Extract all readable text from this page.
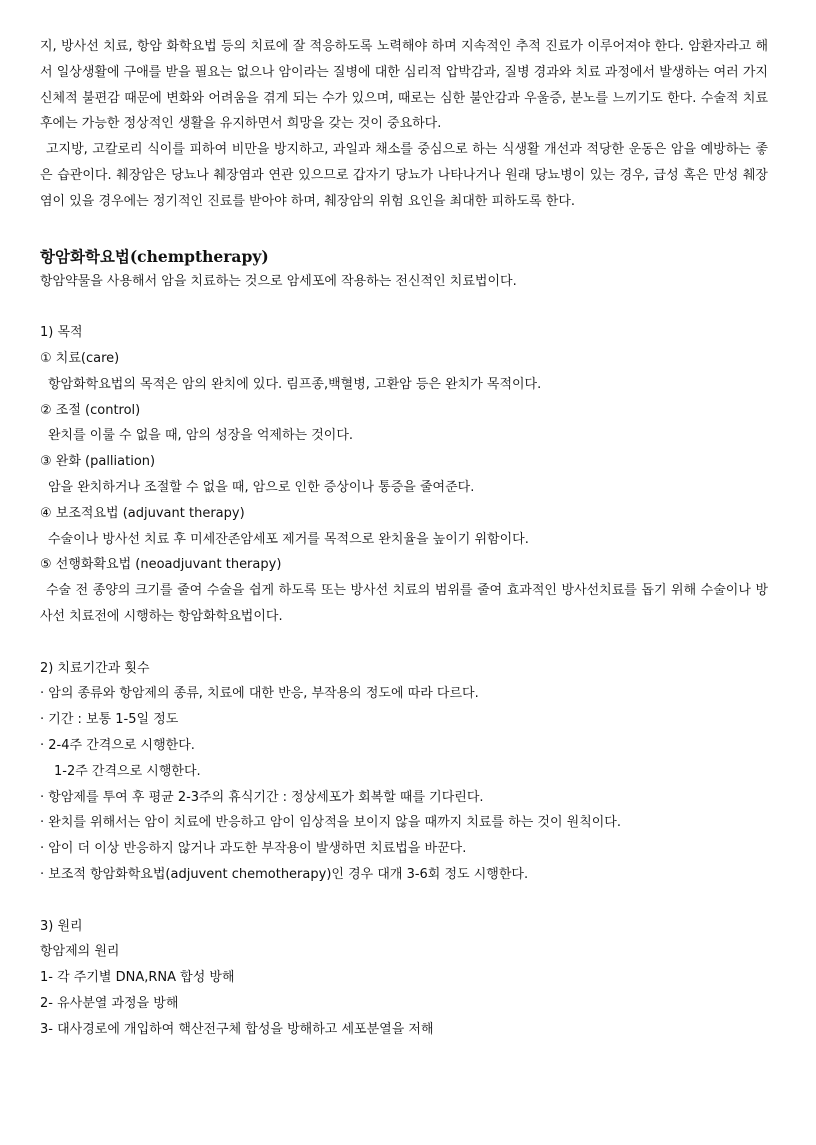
지, 방사선 치료, 항암 화학요법 등의 치료에 잘 적응하도록 노력해야 하며 지속적인 추적 진료가 이루어져야 한다. 암환자라고 해서 일상생활에 구애를 받을 필요는 없으나 암이라는 질병에 대한 심리적 압박감과, 질병 경과와 치료 과정에서 발생하는 여러 가지 신체적 불편감 때문에 변화와 어려움을 겪게 되는 수가 있으며, 때로는 심한 불안감과 우울증, 분노를 느끼기도 한다. 수술적 치료 후에는 가능한 정상적인 생활을 유지하면서 희망을 갖는 것이 중요하다.

고지방, 고칼로리 식이를 피하여 비만을 방지하고, 과일과 채소를 중심으로 하는 식생활 개선과 적당한 운동은 암을 예방하는 좋은 습관이다. 췌장암은 당뇨나 췌장염과 연관 있으므로 갑자기 당뇨가 나타나거나 원래 당뇨병이 있는 경우, 급성 혹은 만성 췌장염이 있을 경우에는 정기적인 진료를 받아야 하며, 췌장암의 위험 요인을 최대한 피하도록 한다.

항암화학요법(chemptherapy)

항암약물을 사용해서 암을 치료하는 것으로 암세포에 작용하는 전신적인 치료법이다.

1) 목적

① 치료(care)

항암화학요법의 목적은 암의 완치에 있다. 림프종,백혈병, 고환암 등은 완치가 목적이다.

② 조절 (control)

완치를 이룰 수 없을 때, 암의 성장을 억제하는 것이다.

③ 완화 (palliation)

암을 완치하거나 조절할 수 없을 때, 암으로 인한 증상이나 통증을 줄여준다.

④ 보조적요법 (adjuvant therapy)

수술이나 방사선 치료 후 미세잔존암세포 제거를 목적으로 완치율을 높이기 위함이다.

⑤ 선행화확요법 (neoadjuvant therapy)

수술 전 종양의 크기를 줄여 수술을 쉽게 하도록 또는 방사선 치료의 범위를 줄여 효과적인 방사선치료를 돕기 위해 수술이나 방사선 치료전에 시행하는 항암화학요법이다.

2) 치료기간과 횟수

· 암의 종류와 항암제의 종류, 치료에 대한 반응, 부작용의 정도에 따라 다르다.

· 기간 : 보통 1-5일 정도

· 2-4주 간격으로 시행한다.

1-2주 간격으로 시행한다.

· 항암제를 투여 후 평균 2-3주의 휴식기간 : 정상세포가 회복할 때를 기다린다.

· 완치를 위해서는 암이 치료에 반응하고 암이 임상적을 보이지 않을 때까지 치료를 하는 것이 원칙이다.

· 암이 더 이상 반응하지 않거나 과도한 부작용이 발생하면 치료법을 바꾼다.

· 보조적 항암화학요법(adjuvent chemotherapy)인 경우 대개 3-6회 정도 시행한다.

3) 원리

항암제의 원리

1- 각 주기별 DNA,RNA 합성 방해

2- 유사분열 과정을 방해

3- 대사경로에 개입하여 핵산전구체 합성을 방해하고 세포분열을 저해
